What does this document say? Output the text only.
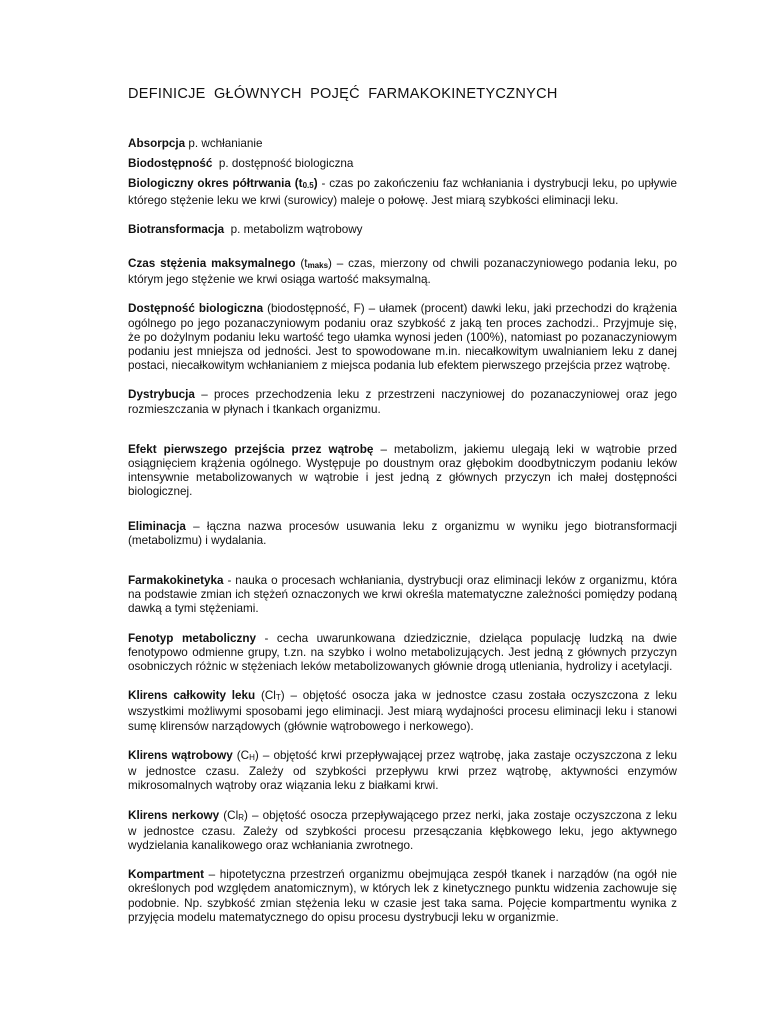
DEFINICJE GŁÓWNYCH POJĘĆ FARMAKOKINETYCZNYCH

Absorpcja p. wchłanianie

Biodostępność  p. dostępność biologiczna

Biologiczny okres półtrwania (t0.5) - czas po zakończeniu faz wchłaniania i dystrybucji leku, po upływie którego stężenie leku we krwi (surowicy) maleje o połowę. Jest miarą szybkości eliminacji leku.

Biotransformacja  p. metabolizm wątrobowy

Czas stężenia maksymalnego (tmaks) – czas, mierzony od chwili pozanaczyniowego podania leku, po którym jego stężenie we krwi osiąga wartość maksymalną.

Dostępność biologiczna (biodostępność, F) – ułamek (procent) dawki leku, jaki przechodzi do krążenia ogólnego po jego pozanaczyniowym podaniu oraz szybkość z jaką ten proces zachodzi.. Przyjmuje się, że po dożylnym podaniu leku wartość tego ułamka wynosi jeden (100%), natomiast po pozanaczyniowym podaniu jest mniejsza od jedności. Jest to spowodowane m.in. niecałkowitym uwalnianiem leku z danej postaci, niecałkowitym wchłanianiem z miejsca podania lub efektem pierwszego przejścia przez wątrobę.

Dystrybucja – proces przechodzenia leku z przestrzeni naczyniowej do pozanaczyniowej oraz jego rozmieszczania w płynach i tkankach organizmu.

Efekt pierwszego przejścia przez wątrobę – metabolizm, jakiemu ulegają leki w wątrobie przed osiągnięciem krążenia ogólnego. Występuje po doustnym oraz głębokim doodbytniczym podaniu leków intensywnie metabolizowanych w wątrobie i jest jedną z głównych przyczyn ich małej dostępności biologicznej.

Eliminacja – łączna nazwa procesów usuwania leku z organizmu w wyniku jego biotransformacji (metabolizmu) i wydalania.

Farmakokinetyka - nauka o procesach wchłaniania, dystrybucji oraz eliminacji leków z organizmu, która na podstawie zmian ich stężeń oznaczonych we krwi określa matematyczne zależności pomiędzy podaną dawką a tymi stężeniami.

Fenotyp metaboliczny - cecha uwarunkowana dziedzicznie, dzieląca populację ludzką na dwie fenotypowo odmienne grupy, t.zn. na szybko i wolno metabolizujących. Jest jedną z głównych przyczyn osobniczych różnic w stężeniach leków metabolizowanych głównie drogą utleniania, hydrolizy i acetylacji.

Klirens całkowity leku (ClT) – objętość osocza jaka w jednostce czasu została oczyszczona z leku wszystkimi możliwymi sposobami jego eliminacji. Jest miarą wydajności procesu eliminacji leku i stanowi sumę klirensów narządowych (głównie wątrobowego i nerkowego).

Klirens wątrobowy (CH) – objętość krwi przepływającej przez wątrobę, jaka zastaje oczyszczona z leku w jednostce czasu. Zależy od szybkości przepływu krwi przez wątrobę, aktywności enzymów mikrosomalnych wątroby oraz wiązania leku z białkami krwi.

Klirens nerkowy (ClR) – objętość osocza przepływającego przez nerki, jaka zostaje oczyszczona z leku w jednostce czasu. Zależy od szybkości procesu przesączania kłębkowego leku, jego aktywnego wydzielania kanalikowego oraz wchłaniania zwrotnego.

Kompartment – hipotetyczna przestrzeń organizmu obejmująca zespół tkanek i narządów (na ogół nie określonych pod względem anatomicznym), w których lek z kinetycznego punktu widzenia zachowuje się podobnie. Np. szybkość zmian stężenia leku w czasie jest taka sama. Pojęcie kompartmentu wynika z przyjęcia modelu matematycznego do opisu procesu dystrybucji leku w organizmie.
